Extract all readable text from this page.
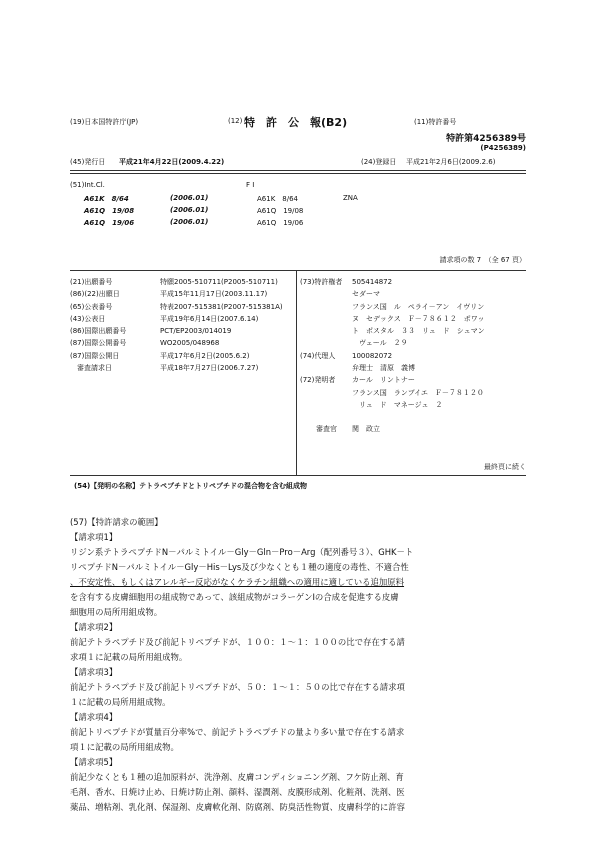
(19)日本国特許庁(JP)	(12) 特　許　公　報(B2)	(11)特許番号
特許第4256389号
(P4256389)
(45)発行日 平成21年4月22日(2009.4.22)	(24)登録日 平成21年2月6日(2009.2.6)
(51)Int.Cl.	F I
A61K　8/64	(2006.01)	A61K　8/64	ZNA
A61Q　19/08	(2006.01)	A61Q　19/08
A61Q　19/06	(2006.01)	A61Q　19/06
請求項の数 7　（全 67 頁）
(21)出願番号	特願2005-510711(P2005-510711)
(86)(22)出願日	平成15年11月17日(2003.11.17)
(65)公表番号	特表2007-515381(P2007-515381A)
(43)公表日	平成19年6月14日(2007.6.14)
(86)国際出願番号	PCT/EP2003/014019
(87)国際公開番号	WO2005/048968
(87)国際公開日	平成17年6月2日(2005.6.2)
　審査請求日	平成18年7月27日(2006.7.27)
(73)特許権者	505414872
セダーマ
フランス国　ル　ペライ－アン　イヴリン
ヌ　セデックス　Ｆ－７８６１２　ポワッ
ト　ポスタル　３３　リュ　ド　シュマン
　ヴェール　２９
(74)代理人	100082072
弁理士　清原　義博
(72)発明者	カール　リントナー
フランス国　ランブイエ　Ｆ－７８１２０
　リュ　ド　マネージュ　２
審査官 関　政立
最終頁に続く
(54)【発明の名称】テトラペプチドとトリペプチドの混合物を含む組成物
(57)【特許請求の範囲】
【請求項1】
リジン系テトラペプチドN－パルミトイル－Gly－Gln－Pro－Arg（配列番号３）、GHK－ト
リペプチドN－パルミトイル－Gly－His－Lys及び少なくとも１種の適度の毒性、不適合性
、不安定性、もしくはアレルギー反応がなくケラチン組織への適用に適している追加原料
を含有する皮膚細胞用の組成物であって、該組成物がコラーゲンIの合成を促進する皮膚
細胞用の局所用組成物。
【請求項2】
前記テトラペプチド及び前記トリペプチドが、１００：１～１：１００の比で存在する請
求項１に記載の局所用組成物。
【請求項3】
前記テトラペプチド及び前記トリペプチドが、５０：１～１：５０の比で存在する請求項
１に記載の局所用組成物。
【請求項4】
前記トリペプチドが質量百分率%で、前記テトラペプチドの量より多い量で存在する請求
項１に記載の局所用組成物。
【請求項5】
前記少なくとも１種の追加原料が、洗浄剤、皮膚コンディショニング剤、フケ防止剤、育
毛剤、香水、日焼け止め、日焼け防止剤、顔料、湿潤剤、皮膜形成剤、化粧剤、洗剤、医
薬品、増粘剤、乳化剤、保湿剤、皮膚軟化剤、防腐剤、防臭活性物質、皮膚科学的に許容
